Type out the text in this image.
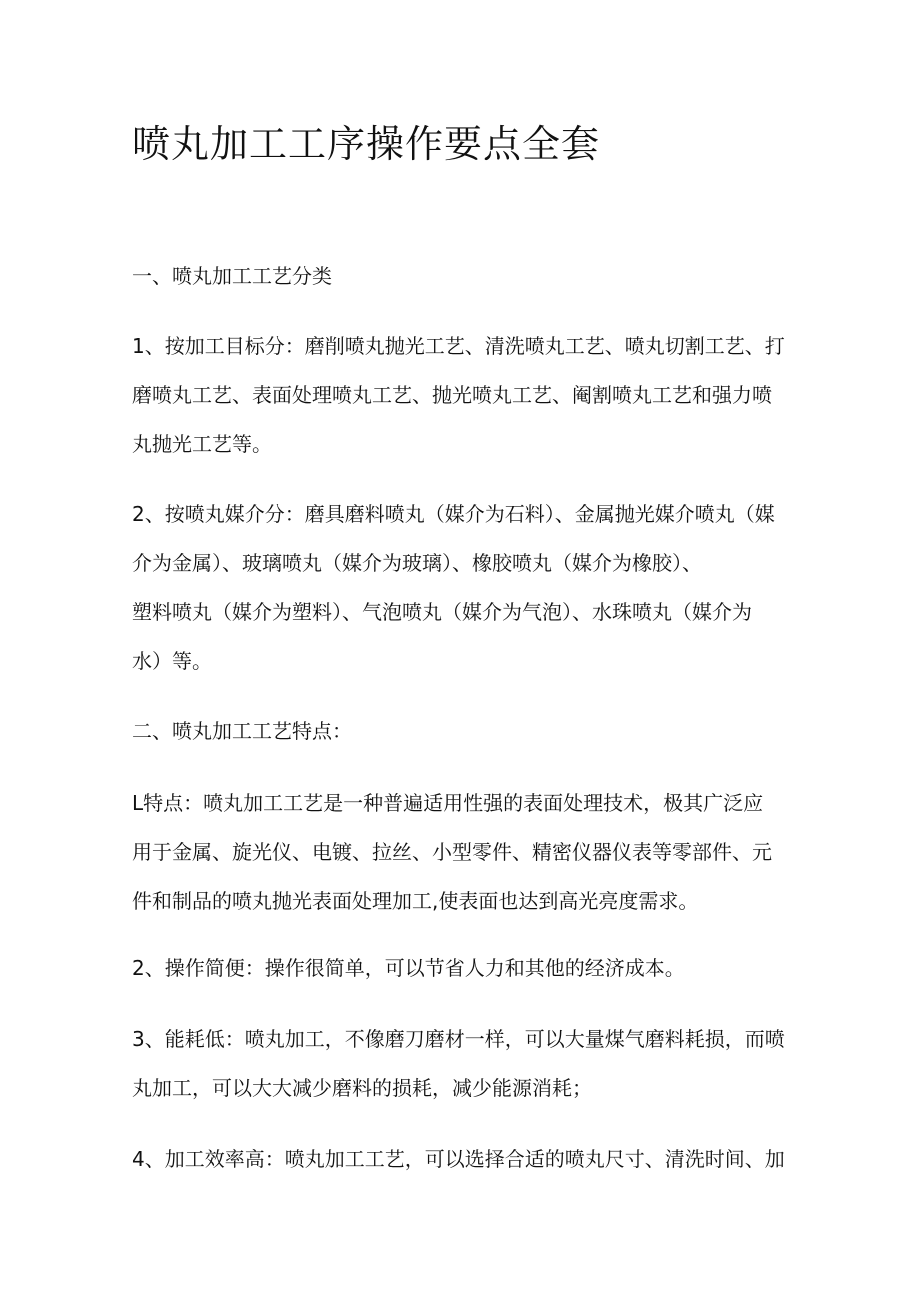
喷丸加工工序操作要点全套
一、喷丸加工工艺分类
1、按加工目标分：磨削喷丸抛光工艺、清洗喷丸工艺、喷丸切割工艺、打
磨喷丸工艺、表面处理喷丸工艺、抛光喷丸工艺、阉割喷丸工艺和强力喷
丸抛光工艺等。
2、按喷丸媒介分：磨具磨料喷丸（媒介为石料）、金属抛光媒介喷丸（媒
介为金属）、玻璃喷丸（媒介为玻璃）、橡胶喷丸（媒介为橡胶）、
塑料喷丸（媒介为塑料）、气泡喷丸（媒介为气泡）、水珠喷丸（媒介为
水）等。
二、喷丸加工工艺特点：
L特点：喷丸加工工艺是一种普遍适用性强的表面处理技术，极其广泛应
用于金属、旋光仪、电镀、拉丝、小型零件、精密仪器仪表等零部件、元
件和制品的喷丸抛光表面处理加工,使表面也达到高光亮度需求。
2、操作简便：操作很简单，可以节省人力和其他的经济成本。
3、能耗低：喷丸加工，不像磨刀磨材一样，可以大量煤气磨料耗损，而喷
丸加工，可以大大减少磨料的损耗，减少能源消耗；
4、加工效率高：喷丸加工工艺，可以选择合适的喷丸尺寸、清洗时间、加
